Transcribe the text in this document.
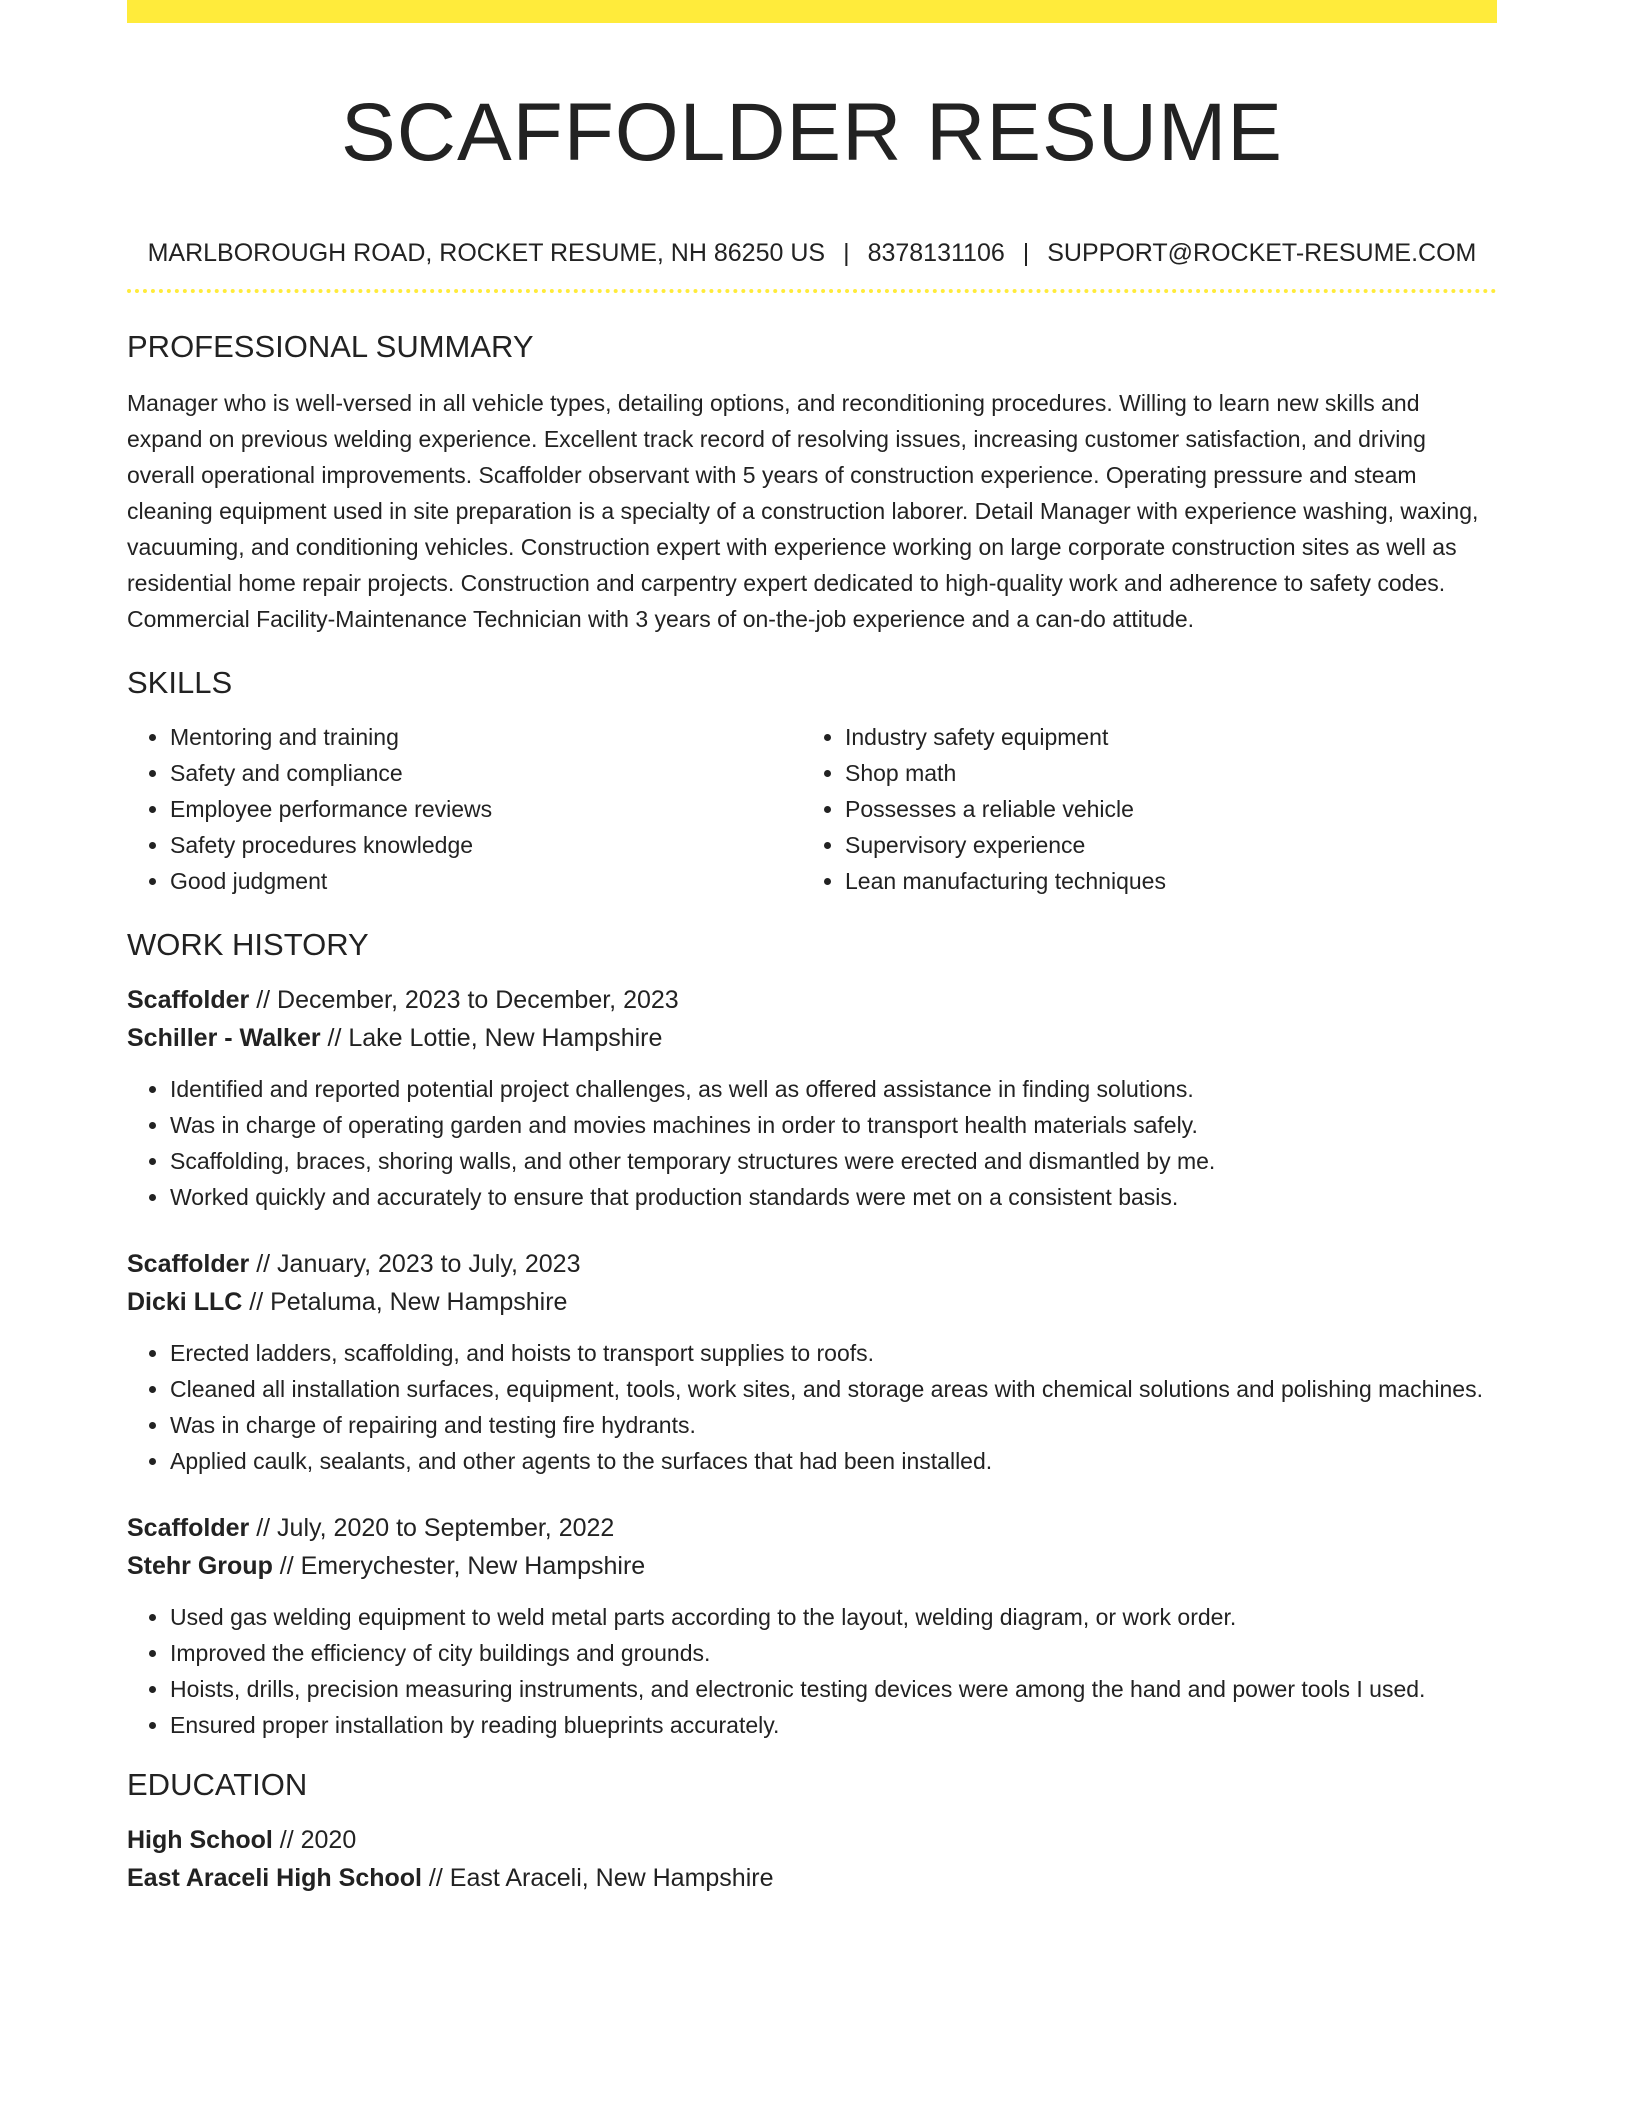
SCAFFOLDER RESUME
MARLBOROUGH ROAD, ROCKET RESUME, NH 86250 US | 8378131106 | SUPPORT@ROCKET-RESUME.COM
PROFESSIONAL SUMMARY
Manager who is well-versed in all vehicle types, detailing options, and reconditioning procedures. Willing to learn new skills and expand on previous welding experience. Excellent track record of resolving issues, increasing customer satisfaction, and driving overall operational improvements. Scaffolder observant with 5 years of construction experience. Operating pressure and steam cleaning equipment used in site preparation is a specialty of a construction laborer. Detail Manager with experience washing, waxing, vacuuming, and conditioning vehicles. Construction expert with experience working on large corporate construction sites as well as residential home repair projects. Construction and carpentry expert dedicated to high-quality work and adherence to safety codes. Commercial Facility-Maintenance Technician with 3 years of on-the-job experience and a can-do attitude.
SKILLS
• Mentoring and training
• Safety and compliance
• Employee performance reviews
• Safety procedures knowledge
• Good judgment
• Industry safety equipment
• Shop math
• Possesses a reliable vehicle
• Supervisory experience
• Lean manufacturing techniques
WORK HISTORY
Scaffolder // December, 2023 to December, 2023
Schiller - Walker // Lake Lottie, New Hampshire
• Identified and reported potential project challenges, as well as offered assistance in finding solutions.
• Was in charge of operating garden and movies machines in order to transport health materials safely.
• Scaffolding, braces, shoring walls, and other temporary structures were erected and dismantled by me.
• Worked quickly and accurately to ensure that production standards were met on a consistent basis.
Scaffolder // January, 2023 to July, 2023
Dicki LLC // Petaluma, New Hampshire
• Erected ladders, scaffolding, and hoists to transport supplies to roofs.
• Cleaned all installation surfaces, equipment, tools, work sites, and storage areas with chemical solutions and polishing machines.
• Was in charge of repairing and testing fire hydrants.
• Applied caulk, sealants, and other agents to the surfaces that had been installed.
Scaffolder // July, 2020 to September, 2022
Stehr Group // Emerychester, New Hampshire
• Used gas welding equipment to weld metal parts according to the layout, welding diagram, or work order.
• Improved the efficiency of city buildings and grounds.
• Hoists, drills, precision measuring instruments, and electronic testing devices were among the hand and power tools I used.
• Ensured proper installation by reading blueprints accurately.
EDUCATION
High School // 2020
East Araceli High School // East Araceli, New Hampshire
